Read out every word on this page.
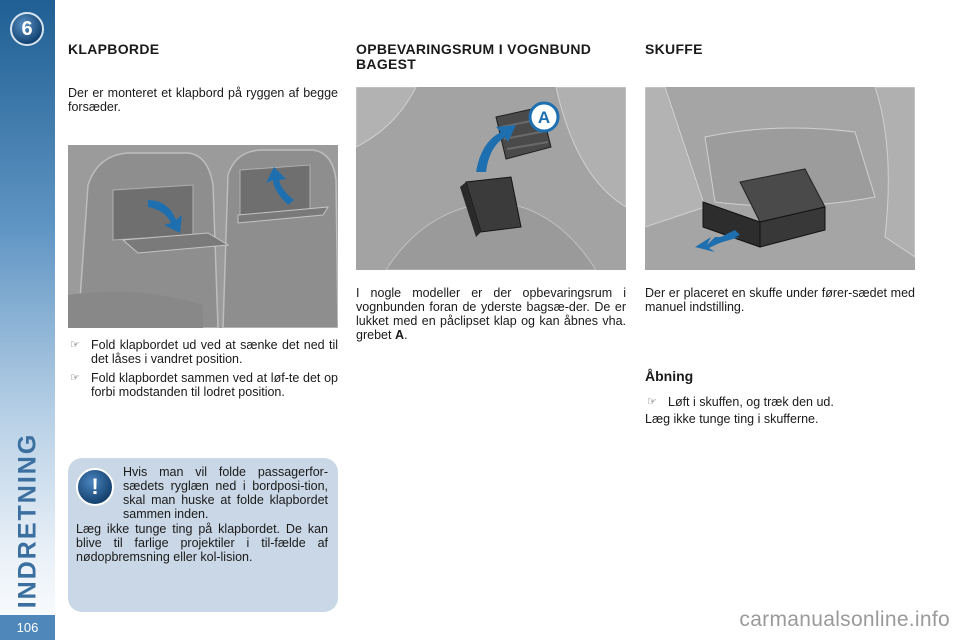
6
INDRETNING
106
KLAPBORDE

Der er monteret et klapbord på ryggen af begge forsæder.

☞ Fold klapbordet ud ved at sænke det ned til det låses i vandret position.
☞ Fold klapbordet sammen ved at løf-te det op forbi modstanden til lodret position.
!

Hvis man vil folde passagerfor-sædets ryglæn ned i bordposi-tion, skal man huske at folde klapbordet sammen inden.

Læg ikke tunge ting på klapbordet. De kan blive til farlige projektiler i til-fælde af nødopbremsning eller kol-lision.

OPBEVARINGSRUM I VOGNBUND BAGEST
A

I nogle modeller er der opbevaringsrum i vognbunden foran de yderste bagsæ-der. De er lukket med en påclipset klap og kan åbnes vha. grebet A.

SKUFFE

Der er placeret en skuffe under fører-sædet med manuel indstilling.

Åbning
☞ Løft i skuffen, og træk den ud.

Læg ikke tunge ting i skufferne.

carmanualsonline.info
